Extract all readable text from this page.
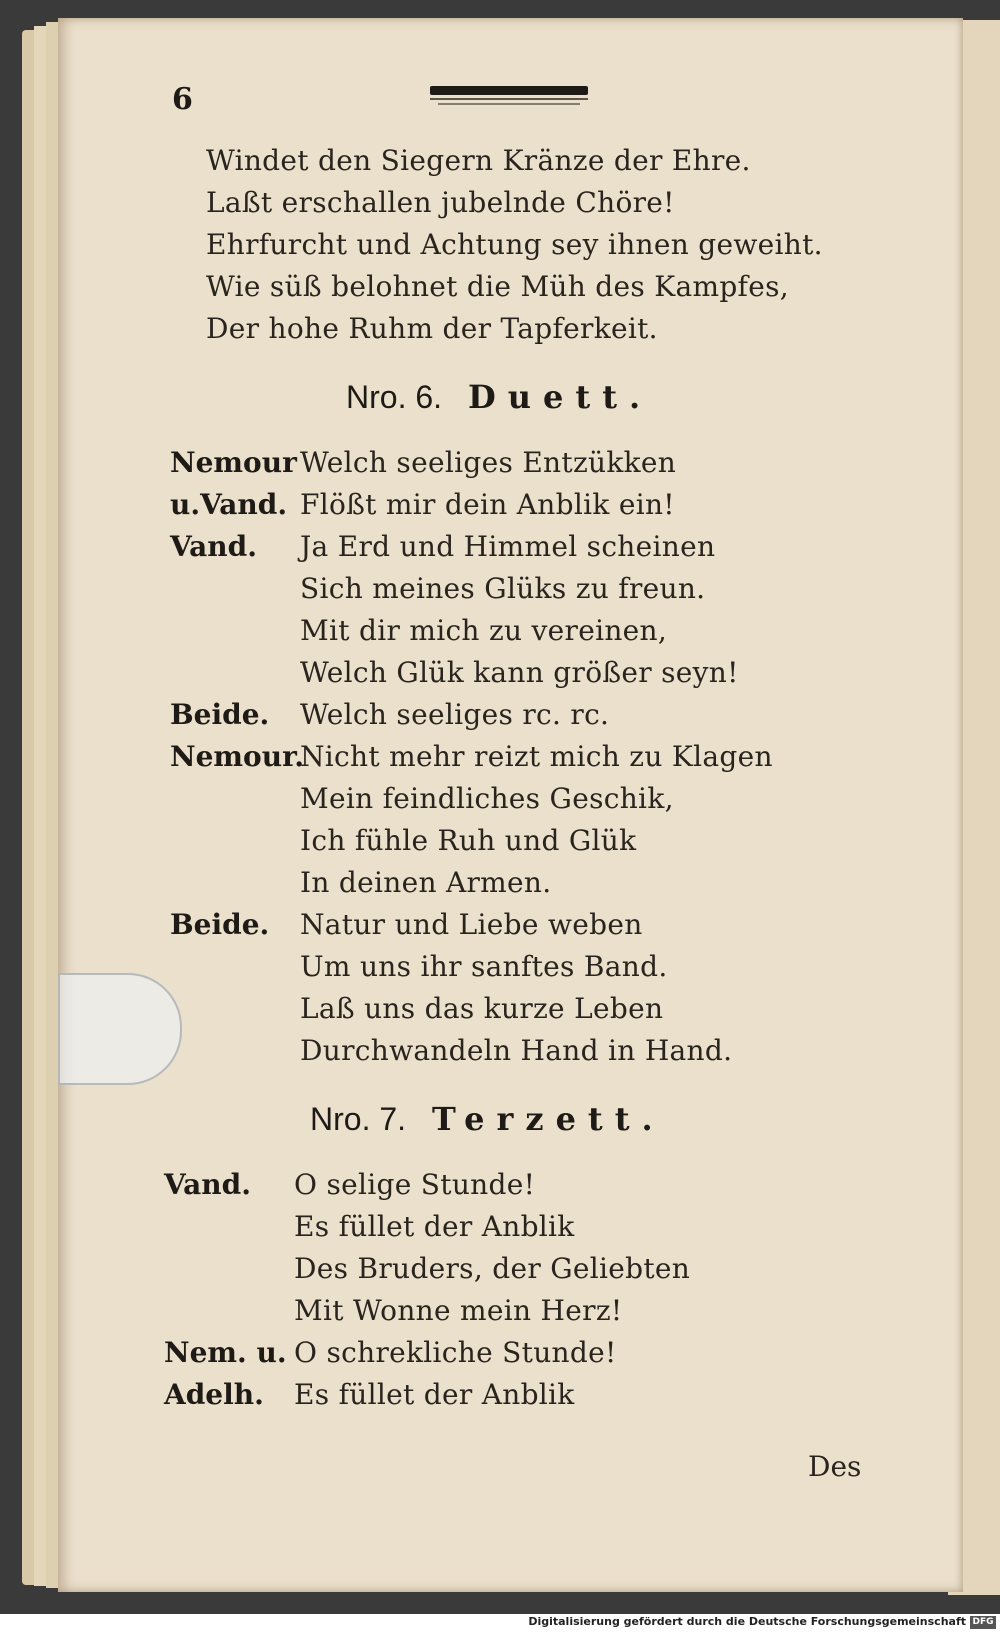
6
Windet den Siegern Kränze der Ehre.
Laßt erschallen jubelnde Chöre!
Ehrfurcht und Achtung sey ihnen geweiht.
Wie süß belohnet die Müh des Kampfes,
Der hohe Ruhm der Tapferkeit.
Nro. 6. Duett.
Nemour Welch seeliges Entzükken
u.Vand. Flößt mir dein Anblik ein!
Vand. Ja Erd und Himmel scheinen
Sich meines Glüks zu freun.
Mit dir mich zu vereinen,
Welch Glük kann größer seyn!
Beide. Welch seeliges rc. rc.
Nemour.
Nicht mehr reizt mich zu Klagen
Mein feindliches Geschik,
Ich fühle Ruh und Glük
In deinen Armen.
Beide. Natur und Liebe weben
Um uns ihr sanftes Band.
Laß uns das kurze Leben
Durchwandeln Hand in Hand.
Nro. 7. Terzett.
Vand. O selige Stunde!
Es füllet der Anblik
Des Bruders, der Geliebten
Mit Wonne mein Herz!
Nem. u. O schrekliche Stunde!
Adelh. Es füllet der Anblik
Des
Digitalisierung gefördert durch die Deutsche Forschungsgemeinschaft DFG
